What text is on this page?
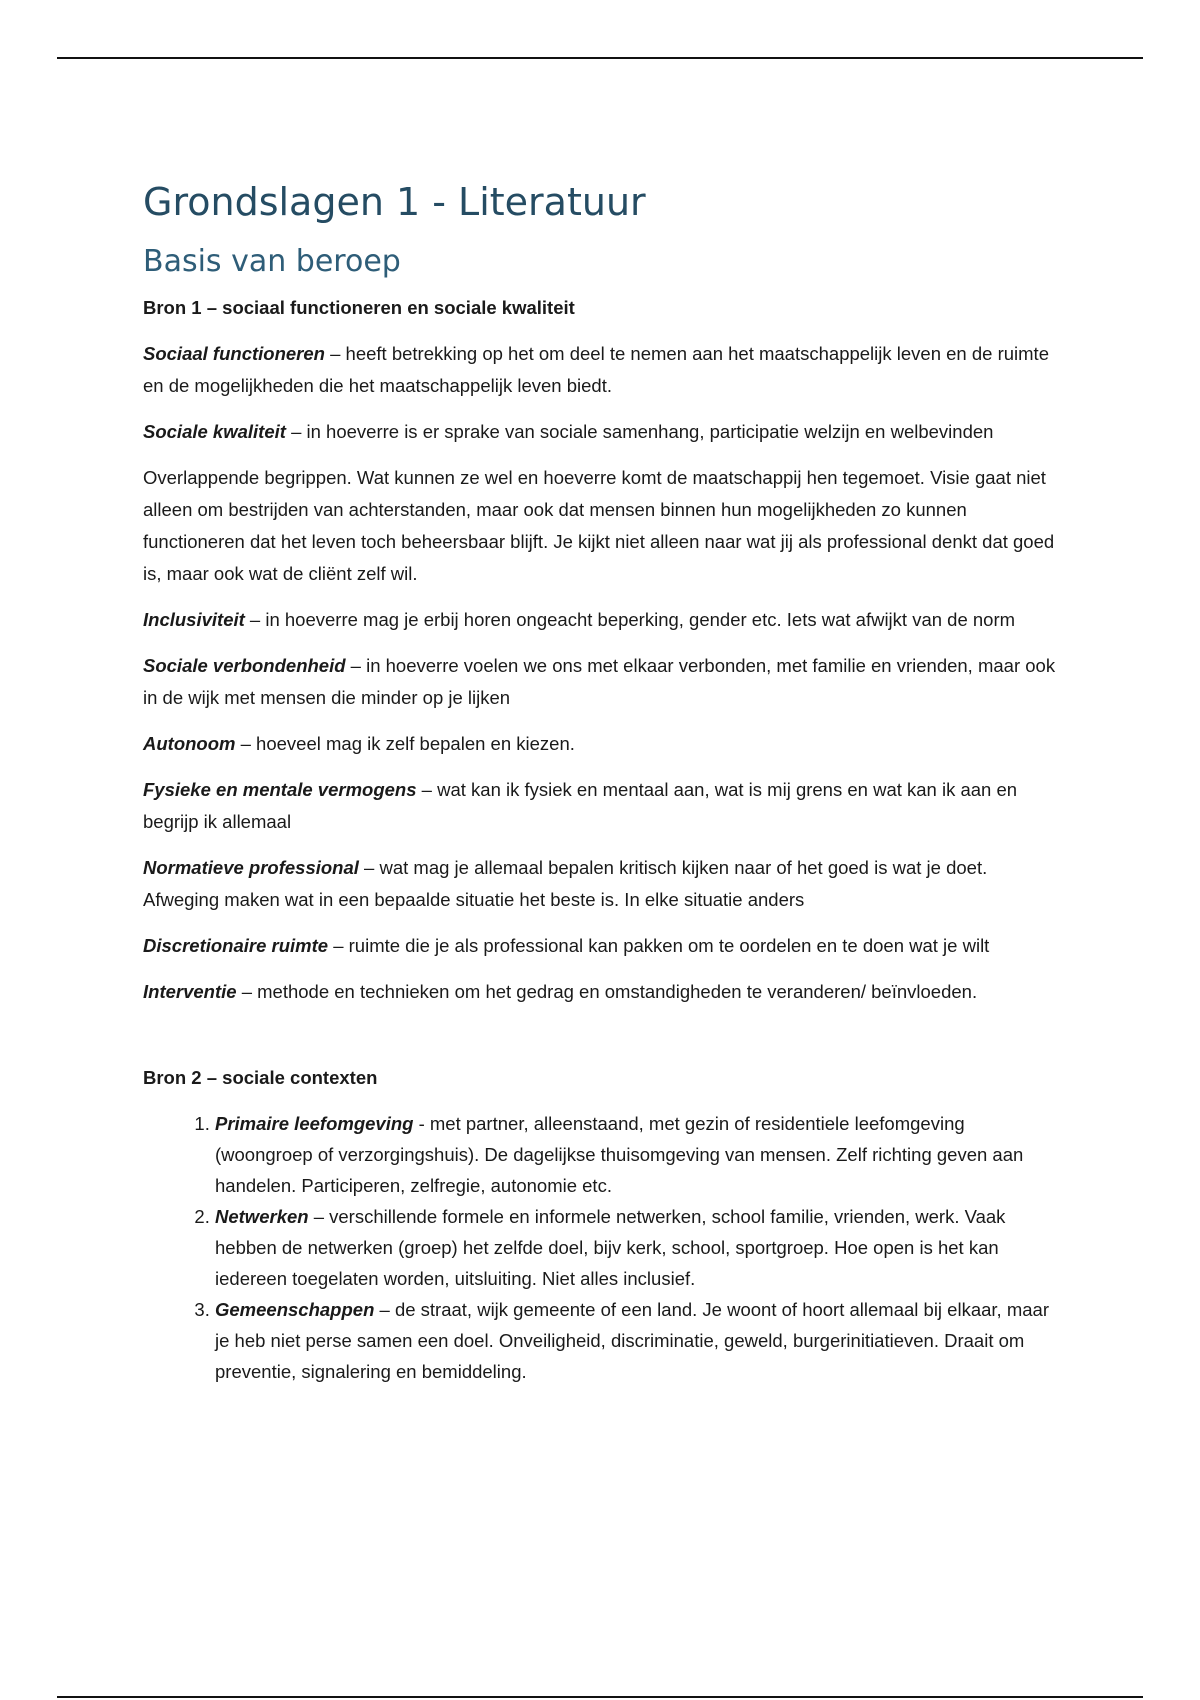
Grondslagen 1 - Literatuur
Basis van beroep
Bron 1 – sociaal functioneren en sociale kwaliteit

Sociaal functioneren – heeft betrekking op het om deel te nemen aan het maatschappelijk leven en de ruimte en de mogelijkheden die het maatschappelijk leven biedt.

Sociale kwaliteit – in hoeverre is er sprake van sociale samenhang, participatie welzijn en welbevinden

Overlappende begrippen. Wat kunnen ze wel en hoeverre komt de maatschappij hen tegemoet. Visie gaat niet alleen om bestrijden van achterstanden, maar ook dat mensen binnen hun mogelijkheden zo kunnen functioneren dat het leven toch beheersbaar blijft. Je kijkt niet alleen naar wat jij als professional denkt dat goed is, maar ook wat de cliënt zelf wil.

Inclusiviteit – in hoeverre mag je erbij horen ongeacht beperking, gender etc. Iets wat afwijkt van de norm

Sociale verbondenheid – in hoeverre voelen we ons met elkaar verbonden, met familie en vrienden, maar ook in de wijk met mensen die minder op je lijken

Autonoom – hoeveel mag ik zelf bepalen en kiezen.

Fysieke en mentale vermogens – wat kan ik fysiek en mentaal aan, wat is mij grens en wat kan ik aan en begrijp ik allemaal

Normatieve professional – wat mag je allemaal bepalen kritisch kijken naar of het goed is wat je doet. Afweging maken wat in een bepaalde situatie het beste is. In elke situatie anders

Discretionaire ruimte – ruimte die je als professional kan pakken om te oordelen en te doen wat je wilt

Interventie – methode en technieken om het gedrag en omstandigheden te veranderen/ beïnvloeden.

Bron 2 – sociale contexten
1. Primaire leefomgeving - met partner, alleenstaand, met gezin of residentiele leefomgeving (woongroep of verzorgingshuis). De dagelijkse thuisomgeving van mensen. Zelf richting geven aan handelen. Participeren, zelfregie, autonomie etc.
2. Netwerken – verschillende formele en informele netwerken, school familie, vrienden, werk. Vaak hebben de netwerken (groep) het zelfde doel, bijv kerk, school, sportgroep. Hoe open is het kan iedereen toegelaten worden, uitsluiting. Niet alles inclusief.
3. Gemeenschappen – de straat, wijk gemeente of een land. Je woont of hoort allemaal bij elkaar, maar je heb niet perse samen een doel. Onveiligheid, discriminatie, geweld, burgerinitiatieven. Draait om preventie, signalering en bemiddeling.
